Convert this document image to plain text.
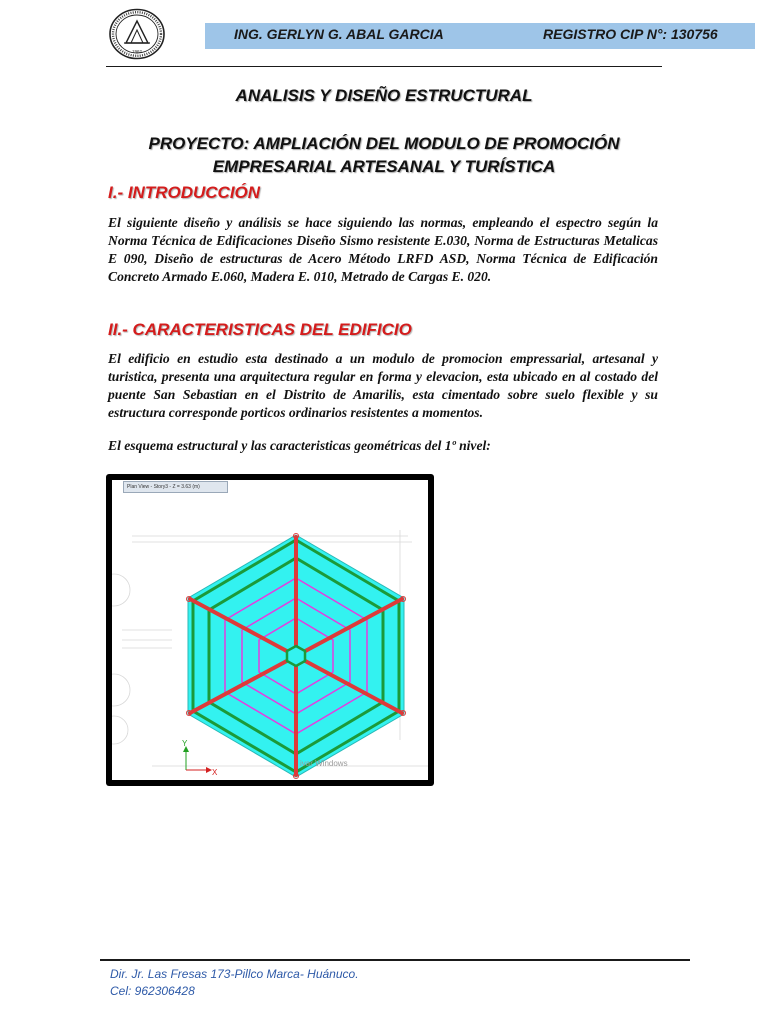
1962
ING. GERLYN G. ABAL GARCIA	REGISTRO CIP N°: 130756
ANALISIS Y DISEÑO ESTRUCTURAL
PROYECTO: AMPLIACIÓN DEL MODULO DE PROMOCIÓN
EMPRESARIAL ARTESANAL Y TURÍSTICA
I.- INTRODUCCIÓN
El siguiente diseño y análisis se hace siguiendo las normas, empleando el espectro según la Norma Técnica de Edificaciones Diseño Sismo resistente E.030, Norma de Estructuras Metalicas E 090, Diseño de estructuras de Acero Método LRFD ASD, Norma Técnica de Edificación Concreto Armado E.060, Madera E. 010, Metrado de Cargas E. 020.
II.- CARACTERISTICAS DEL EDIFICIO
El edificio en estudio esta destinado a un modulo de promocion empressarial, artesanal y turistica, presenta una arquitectura regular en forma y elevacion, esta ubicado en al costado del puente San Sebastian en el Distrito de Amarilis, esta cimentado sobre suelo flexible y su estructura corresponde porticos ordinarios resistentes a momentos.
El esquema estructural y las caracteristicas geométricas del 1º nivel:
Plan View - Story3 - Z = 3.63 (m)
Y
X
ivar Windows
Dir. Jr. Las Fresas 173-Pillco Marca- Huánuco.
Cel: 962306428
